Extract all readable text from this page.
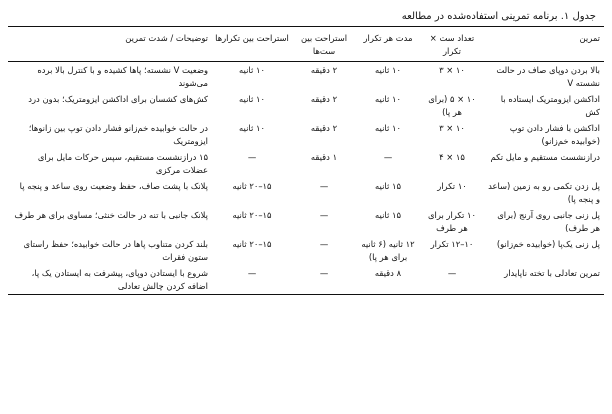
جدول ۱. برنامه تمرینی استفاده‌شده در مطالعه
تمرین	تعداد ست × تکرار	مدت هر تکرار	استراحت بین ست‌ها	استراحت بین تکرارها	توضیحات / شدت تمرین
بالا بردن دوپای صاف در حالت نشسته V	۱۰ × ۳	۱۰ ثانیه	۲ دقیقه	۱۰ ثانیه	وضعیت V نشسته؛ پاها کشیده و با کنترل بالا برده می‌شوند
اداکشن ایزومتریک ایستاده با کش	۱۰ × ۵ (برای هر پا)	۱۰ ثانیه	۲ دقیقه	۱۰ ثانیه	کش‌های کشسان برای اداکشن ایزومتریک؛ بدون درد
اداکشن با فشار دادن توپ (خوابیده خم‌زانو)	۱۰ × ۳	۱۰ ثانیه	۲ دقیقه	۱۰ ثانیه	در حالت خوابیده خم‌زانو فشار دادن توپ بین زانوها؛ ایزومتریک
درازنشست مستقیم و مایل تکم	۱۵ × ۴	—	۱ دقیقه	—	۱۵ درازنشست مستقیم، سپس حرکات مایل برای عضلات مرکزی
پل زدن تکمی رو به زمین (ساعد و پنجه پا)	۱۰ تکرار	۱۵ ثانیه	—	۱۵–۲۰ ثانیه	پلانک با پشت صاف، حفظ وضعیت روی ساعد و پنجه پا
پل زنی جانبی روی آرنج (برای هر طرف)	۱۰ تکرار برای هر طرف	۱۵ ثانیه	—	۱۵–۲۰ ثانیه	پلانک جانبی با تنه در حالت خنثی؛ مساوی برای هر طرف
پل زنی یک‌پا (خوابیده خم‌زانو)	۱۰–۱۲ تکرار	۱۲ ثانیه (۶ ثانیه برای هر پا)	—	۱۵–۲۰ ثانیه	بلند کردن متناوب پاها در حالت خوابیده؛ حفظ راستای ستون فقرات
تمرین تعادلی با تخته ناپایدار	—	۸ دقیقه	—	—	شروع با ایستادن دوپای، پیشرفت به ایستادن یک پا، اضافه کردن چالش تعادلی
